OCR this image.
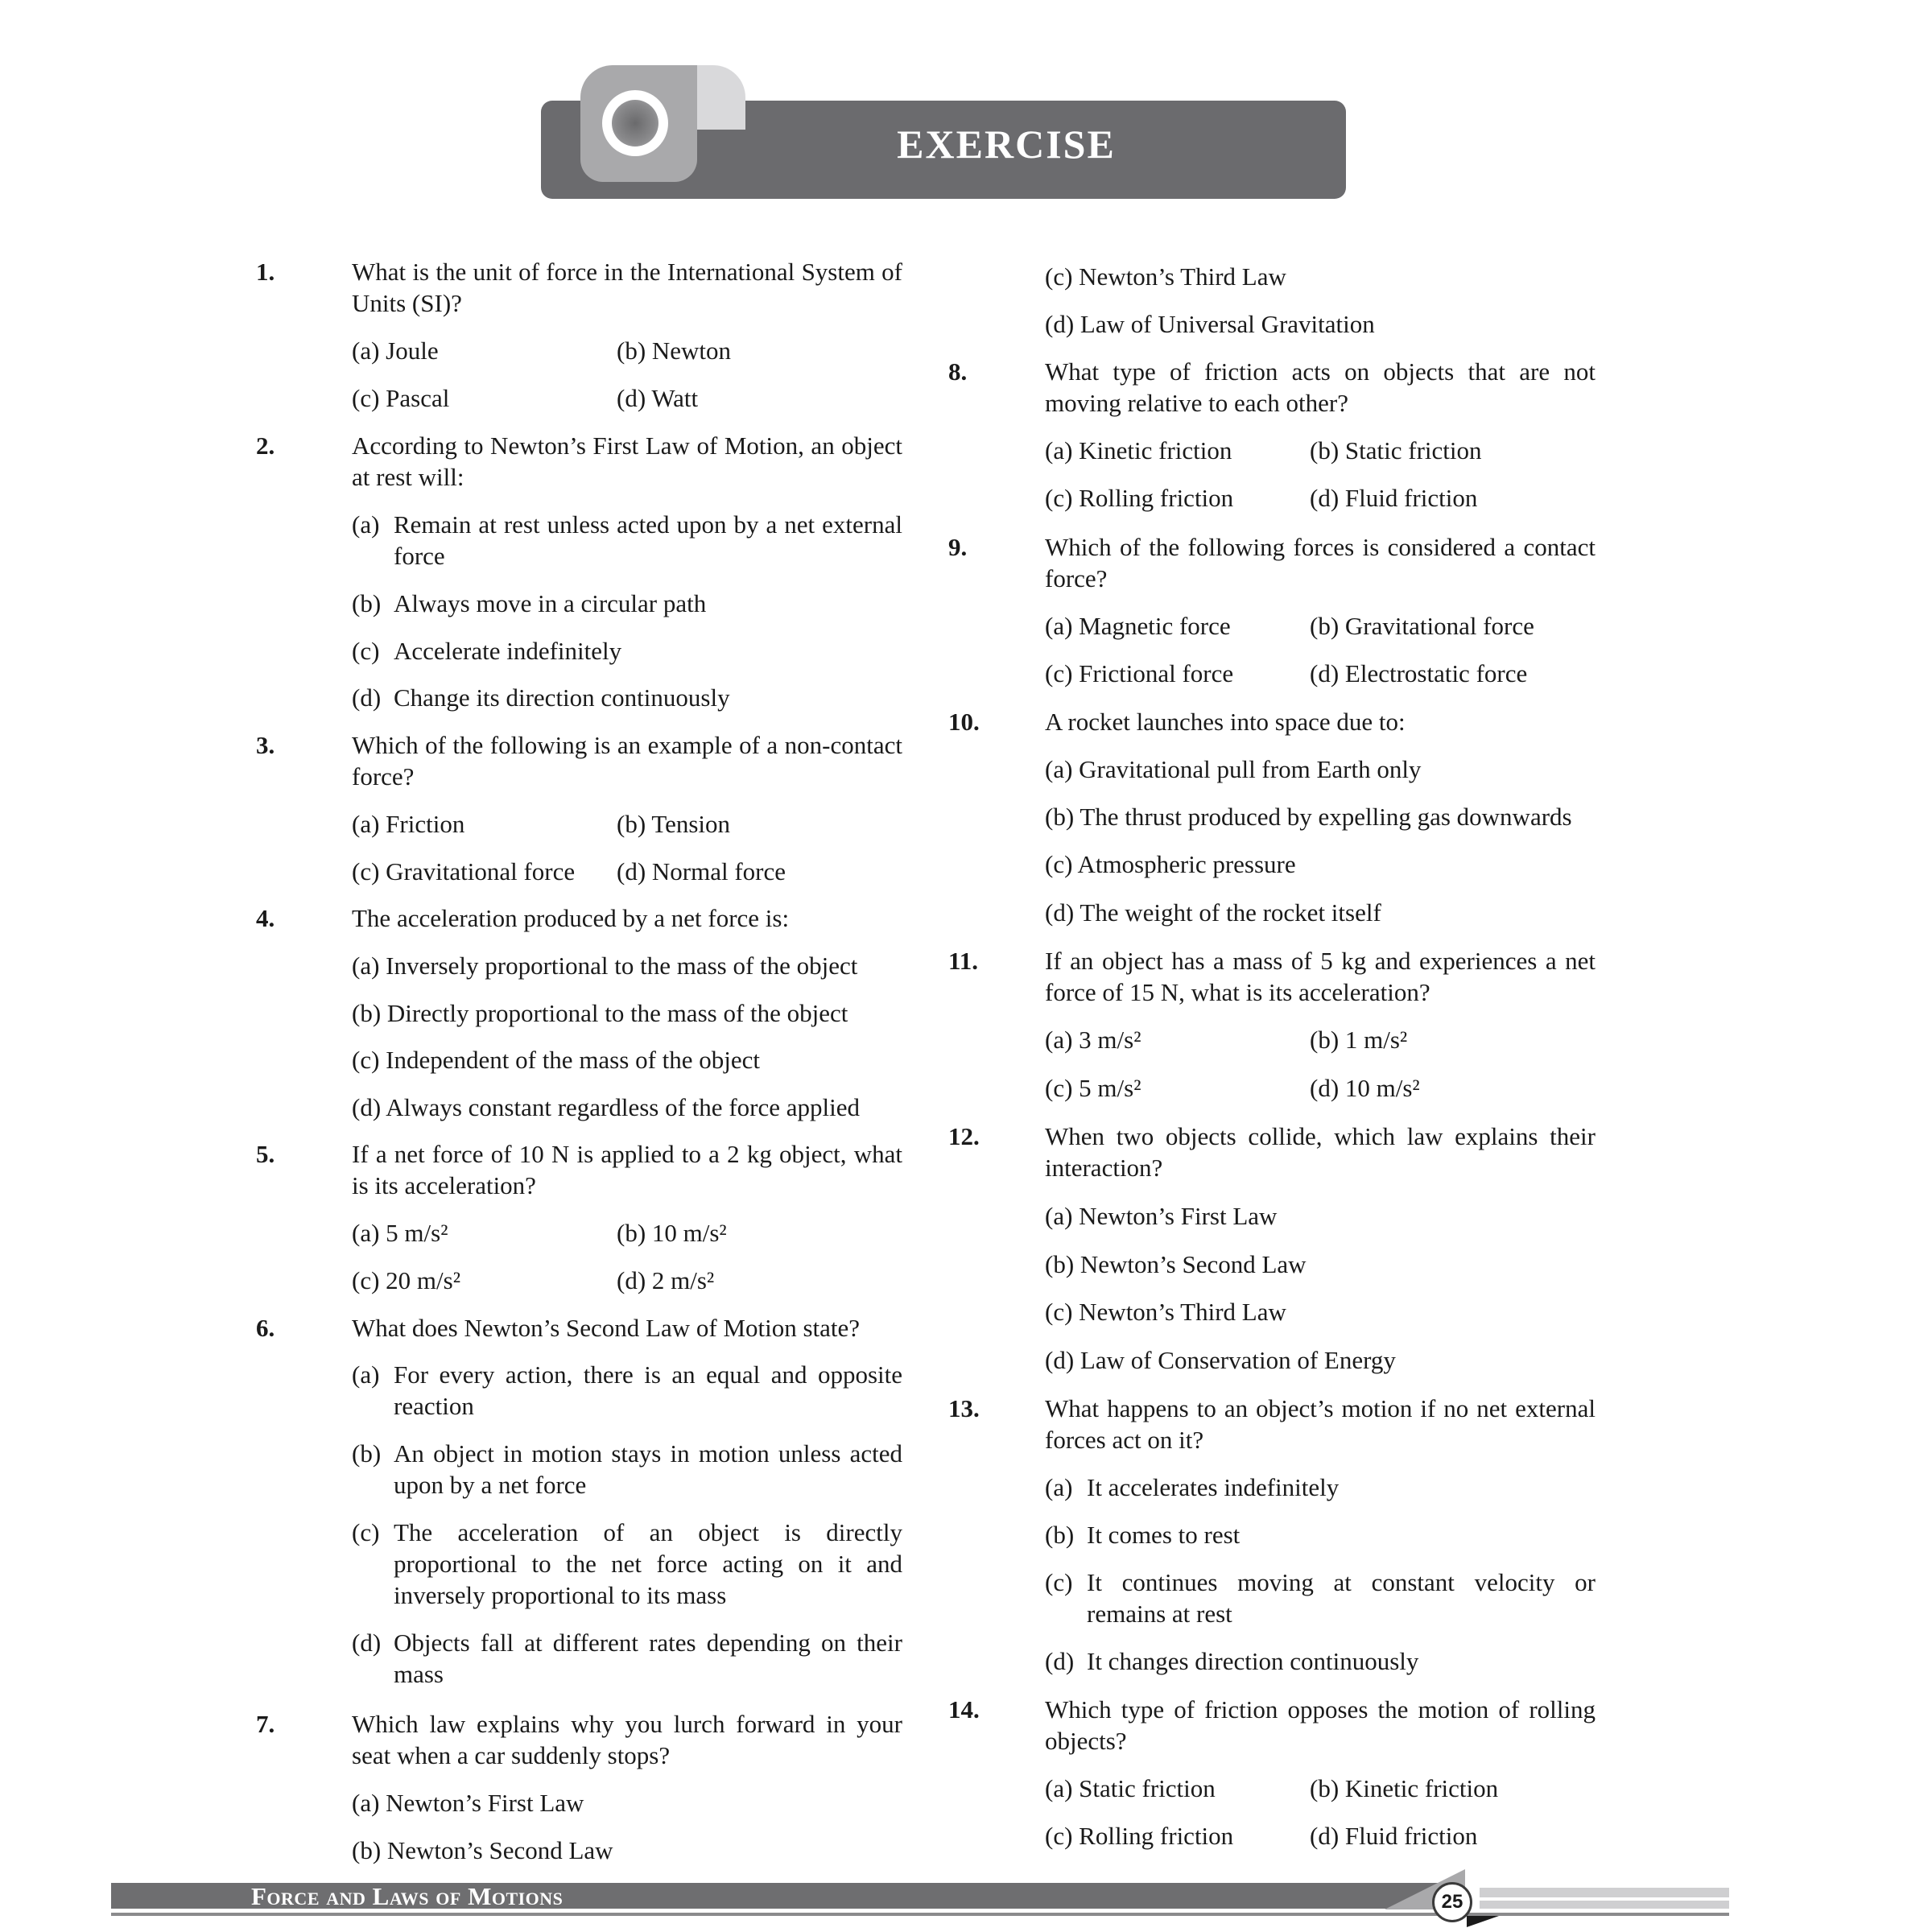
EXERCISE
1.	What is the unit of force in the International System of Units (SI)?
(a) Joule	(b) Newton
(c) Pascal	(d) Watt
2.	According to Newton’s First Law of Motion, an object at rest will:
(a) Remain at rest unless acted upon by a net external force
(b) Always move in a circular path
(c) Accelerate indefinitely
(d) Change its direction continuously
3.	Which of the following is an example of a non-contact force?
(a) Friction	(b) Tension
(c) Gravitational force (d) Normal force
4.	The acceleration produced by a net force is:
(a) Inversely proportional to the mass of the object
(b) Directly proportional to the mass of the object
(c) Independent of the mass of the object
(d) Always constant regardless of the force applied
5.	If a net force of 10 N is applied to a 2 kg object, what is its acceleration?
(a) 5 m/s²	(b) 10 m/s²
(c) 20 m/s²	(d) 2 m/s²
6.	What does Newton’s Second Law of Motion state?
(a) For every action, there is an equal and opposite reaction
(b) An object in motion stays in motion unless acted upon by a net force
(c) The acceleration of an object is directly proportional to the net force acting on it and inversely proportional to its mass
(d) Objects fall at different rates depending on their mass
7.	Which law explains why you lurch forward in your seat when a car suddenly stops?
(a) Newton’s First Law
(b) Newton’s Second Law
(c) Newton’s Third Law
(d) Law of Universal Gravitation
8.	What type of friction acts on objects that are not moving relative to each other?
(a) Kinetic friction	(b) Static friction
(c) Rolling friction	(d) Fluid friction
9.	Which of the following forces is considered a contact force?
(a) Magnetic force	(b) Gravitational force
(c) Frictional force	(d) Electrostatic force
10.	A rocket launches into space due to:
(a) Gravitational pull from Earth only
(b) The thrust produced by expelling gas downwards
(c) Atmospheric pressure
(d) The weight of the rocket itself
11.	If an object has a mass of 5 kg and experiences a net force of 15 N, what is its acceleration?
(a) 3 m/s²	(b) 1 m/s²
(c) 5 m/s²	(d) 10 m/s²
12.	When two objects collide, which law explains their interaction?
(a) Newton’s First Law
(b) Newton’s Second Law
(c) Newton’s Third Law
(d) Law of Conservation of Energy
13.	What happens to an object’s motion if no net external forces act on it?
(a) It accelerates indefinitely
(b) It comes to rest
(c) It continues moving at constant velocity or remains at rest
(d) It changes direction continuously
14.	Which type of friction opposes the motion of rolling objects?
(a) Static friction	(b) Kinetic friction
(c) Rolling friction	(d) Fluid friction
Force and Laws of Motions	25
